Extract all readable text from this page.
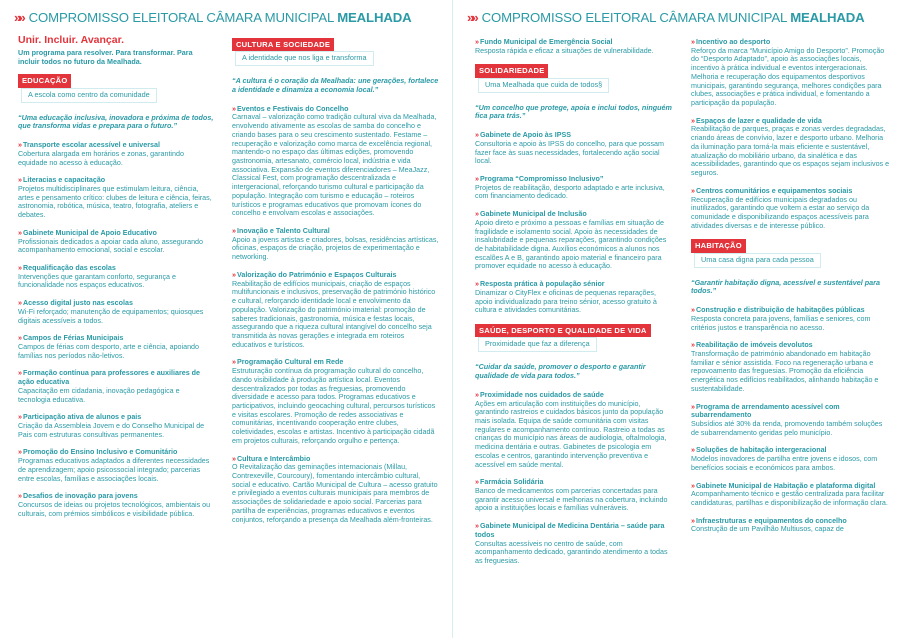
»» COMPROMISSO ELEITORAL CÂMARA MUNICIPAL MEALHADA
Unir. Incluir. Avançar.
Um programa para resolver. Para transformar. Para incluir todos no futuro da Mealhada.
EDUCAÇÃO
A escola como centro da comunidade
“Uma educação inclusiva, inovadora e próxima de todos, que transforma vidas e prepara para o futuro.”
» Transporte escolar acessível e universal
Cobertura alargada em horários e zonas, garantindo equidade no acesso à educação.
» Literacias e capacitação
Projetos multidisciplinares que estimulam leitura, ciência, artes e pensamento crítico: clubes de leitura e ciência, feiras, astronomia, robótica, música, teatro, fotografia, ateliers e debates.
» Gabinete Municipal de Apoio Educativo
Profissionais dedicados a apoiar cada aluno, assegurando acompanhamento emocional, social e escolar.
» Requalificação das escolas
Intervenções que garantam conforto, segurança e funcionalidade nos espaços educativos.
» Acesso digital justo nas escolas
Wi-Fi reforçado; manutenção de equipamentos; quiosques digitais acessíveis a todos.
» Campos de Férias Municipais
Campos de férias com desporto, arte e ciência, apoiando famílias nos períodos não-letivos.
» Formação contínua para professores e auxiliares de ação educativa
Capacitação em cidadania, inovação pedagógica e tecnologia educativa.
» Participação ativa de alunos e pais
Criação da Assembleia Jovem e do Conselho Municipal de Pais com estruturas consultivas permanentes.
» Promoção do Ensino Inclusivo e Comunitário
Programas educativos adaptados a diferentes necessidades de aprendizagem; apoio psicossocial integrado; parcerias entre escolas, famílias e associações locais.
» Desafios de inovação para jovens
Concursos de ideias ou projetos tecnológicos, ambientais ou culturais, com prémios simbólicos e visibilidade pública.
CULTURA E SOCIEDADE
A identidade que nos liga e transforma
“A cultura é o coração da Mealhada: une gerações, fortalece a identidade e dinamiza a economia local.”
» Eventos e Festivais do Concelho
Carnaval – valorização como tradição cultural viva da Mealhada, envolvendo ativamente as escolas de samba do concelho e criando bases para o seu crescimento sustentado. Festame – recuperação e valorização como marca de excelência regional, mantendo-o no espaço das últimas edições, promovendo gastronomia, artesanato, comércio local, indústria e vida associativa. Expansão de eventos diferenciadores – MeaJazz, Classical Fest, com programação descentralizada e intergeracional, reforçando turismo cultural e participação da população. Integração com turismo e educação – roteiros turísticos e programas educativos que promovam ícones do concelho e envolvam escolas e associações.
» Inovação e Talento Cultural
Apoio a jovens artistas e criadores, bolsas, residências artísticas, oficinas, espaços de criação, projetos de experimentação e networking.
» Valorização do Património e Espaços Culturais
Reabilitação de edifícios municipais, criação de espaços multifuncionais e inclusivos, preservação de património histórico e cultural, reforçando identidade local e envolvimento da população. Valorização do património imaterial: promoção de saberes tradicionais, gastronomia, música e festas locais, assegurando que a riqueza cultural intangível do concelho seja transmitida às novas gerações e integrada em roteiros educativos e turísticos.
» Programação Cultural em Rede
Estruturação contínua da programação cultural do concelho, dando visibilidade à produção artística local. Eventos descentralizados por todas as freguesias, promovendo diversidade e acesso para todos. Programas educativos e participativos, incluindo geocaching cultural, percursos turísticos e visitas escolares. Promoção de redes associativas e comunitárias, incentivando cooperação entre clubes, coletividades, escolas e artistas. Incentivo à participação cidadã em projetos culturais, reforçando orgulho e pertença.
» Cultura e Intercâmbio
O Revitalização das geminações internacionais (Millau, Contrexeville, Courcoury), fomentando intercâmbio cultural, social e educativo. Cartão Municipal de Cultura – acesso gratuito e privilegiado a eventos culturais municipais para membros de associações de solidariedade e apoio social. Parcerias para partilha de experiências, programas educativos e eventos conjuntos, reforçando a presença da Mealhada além-fronteiras.
»» COMPROMISSO ELEITORAL CÂMARA MUNICIPAL MEALHADA
» Fundo Municipal de Emergência Social
Resposta rápida e eficaz a situações de vulnerabilidade.
SOLIDARIEDADE
Uma Mealhada que cuida de todos§
“Um concelho que protege, apoia e inclui todos, ninguém fica para trás.”
» Gabinete de Apoio às IPSS
Consultoria e apoio às IPSS do concelho, para que possam fazer face às suas necessidades, fortalecendo ação social local.
» Programa “Compromisso Inclusivo”
Projetos de reabilitação, desporto adaptado e arte inclusiva, com financiamento dedicado.
» Gabinete Municipal de Inclusão
Apoio direto e próximo a pessoas e famílias em situação de fragilidade e isolamento social. Apoio às necessidades de insalubridade e pequenas reparações, garantindo condições de habitabilidade digna. Auxílios económicos a alunos nos escalões A e B, garantindo apoio material e financeiro para promover equidade no acesso à educação.
» Resposta prática à população sénior
Dinamizar o CityFlex e oficinas de pequenas reparações, apoio individualizado para treino sénior, acesso gratuito à cultura e atividades comunitárias.
SAÚDE, DESPORTO E QUALIDADE DE VIDA
Proximidade que faz a diferença
“Cuidar da saúde, promover o desporto e garantir qualidade de vida para todos.”
» Proximidade nos cuidados de saúde
Ações em articulação com instituições do município, garantindo rastreios e cuidados básicos junto da população mais isolada. Equipa de saúde comunitária com visitas regulares e acompanhamento contínuo. Rastreio a todas as crianças do município nas áreas de audiologia, oftalmologia, medicina dentária e outras. Gabinetes de psicologia em escolas e centros, garantindo intervenção preventiva e acessível em saúde mental.
» Farmácia Solidária
Banco de medicamentos com parcerias concertadas para garantir acesso universal e melhorias na cobertura, incluindo apoio a instituições locais e famílias vulneráveis.
» Gabinete Municipal de Medicina Dentária – saúde para todos
Consultas acessíveis no centro de saúde, com acompanhamento dedicado, garantindo atendimento a todas as freguesias.
» Incentivo ao desporto
Reforço da marca “Município Amigo do Desporto”. Promoção do “Desporto Adaptado”, apoio às associações locais, incentivo à prática individual e eventos intergeracionais. Melhoria e recuperação dos equipamentos desportivos municipais, garantindo segurança, melhores condições para clubes, associações e prática individual, e fomentando a participação da população.
» Espaços de lazer e qualidade de vida
Reabilitação de parques, praças e zonas verdes degradadas, criando áreas de convívio, lazer e desporto urbano. Melhoria da iluminação para torná-la mais eficiente e sustentável, atualização do mobiliário urbano, da sinalética e das acessibilidades, garantindo que os espaços sejam inclusivos e seguros.
» Centros comunitários e equipamentos sociais
Recuperação de edifícios municipais degradados ou inutilizados, garantindo que voltem a estar ao serviço da comunidade e disponibilizando espaços acessíveis para atividades diversas e de interesse público.
HABITAÇÃO
Uma casa digna para cada pessoa
“Garantir habitação digna, acessível e sustentável para todos.”
» Construção e distribuição de habitações públicas
Resposta concreta para jovens, famílias e seniores, com critérios justos e transparência no acesso.
» Reabilitação de imóveis devolutos
Transformação de património abandonado em habitação familiar e sénior assistida. Foco na regeneração urbana e repovoamento das freguesias. Promoção da eficiência energética nos edifícios reabilitados, alinhando habitação e sustentabilidade.
» Programa de arrendamento acessível com subarrendamento
Subsídios até 30% da renda, promovendo também soluções de subarrendamento geridas pelo município.
» Soluções de habitação intergeracional
Modelos inovadores de partilha entre jovens e idosos, com benefícios sociais e económicos para ambos.
» Gabinete Municipal de Habitação e plataforma digital
Acompanhamento técnico e gestão centralizada para facilitar candidaturas, partilhas e disponibilização de informação clara.
» Infraestruturas e equipamentos do concelho
Construção de um Pavilhão Multiusos, capaz de
